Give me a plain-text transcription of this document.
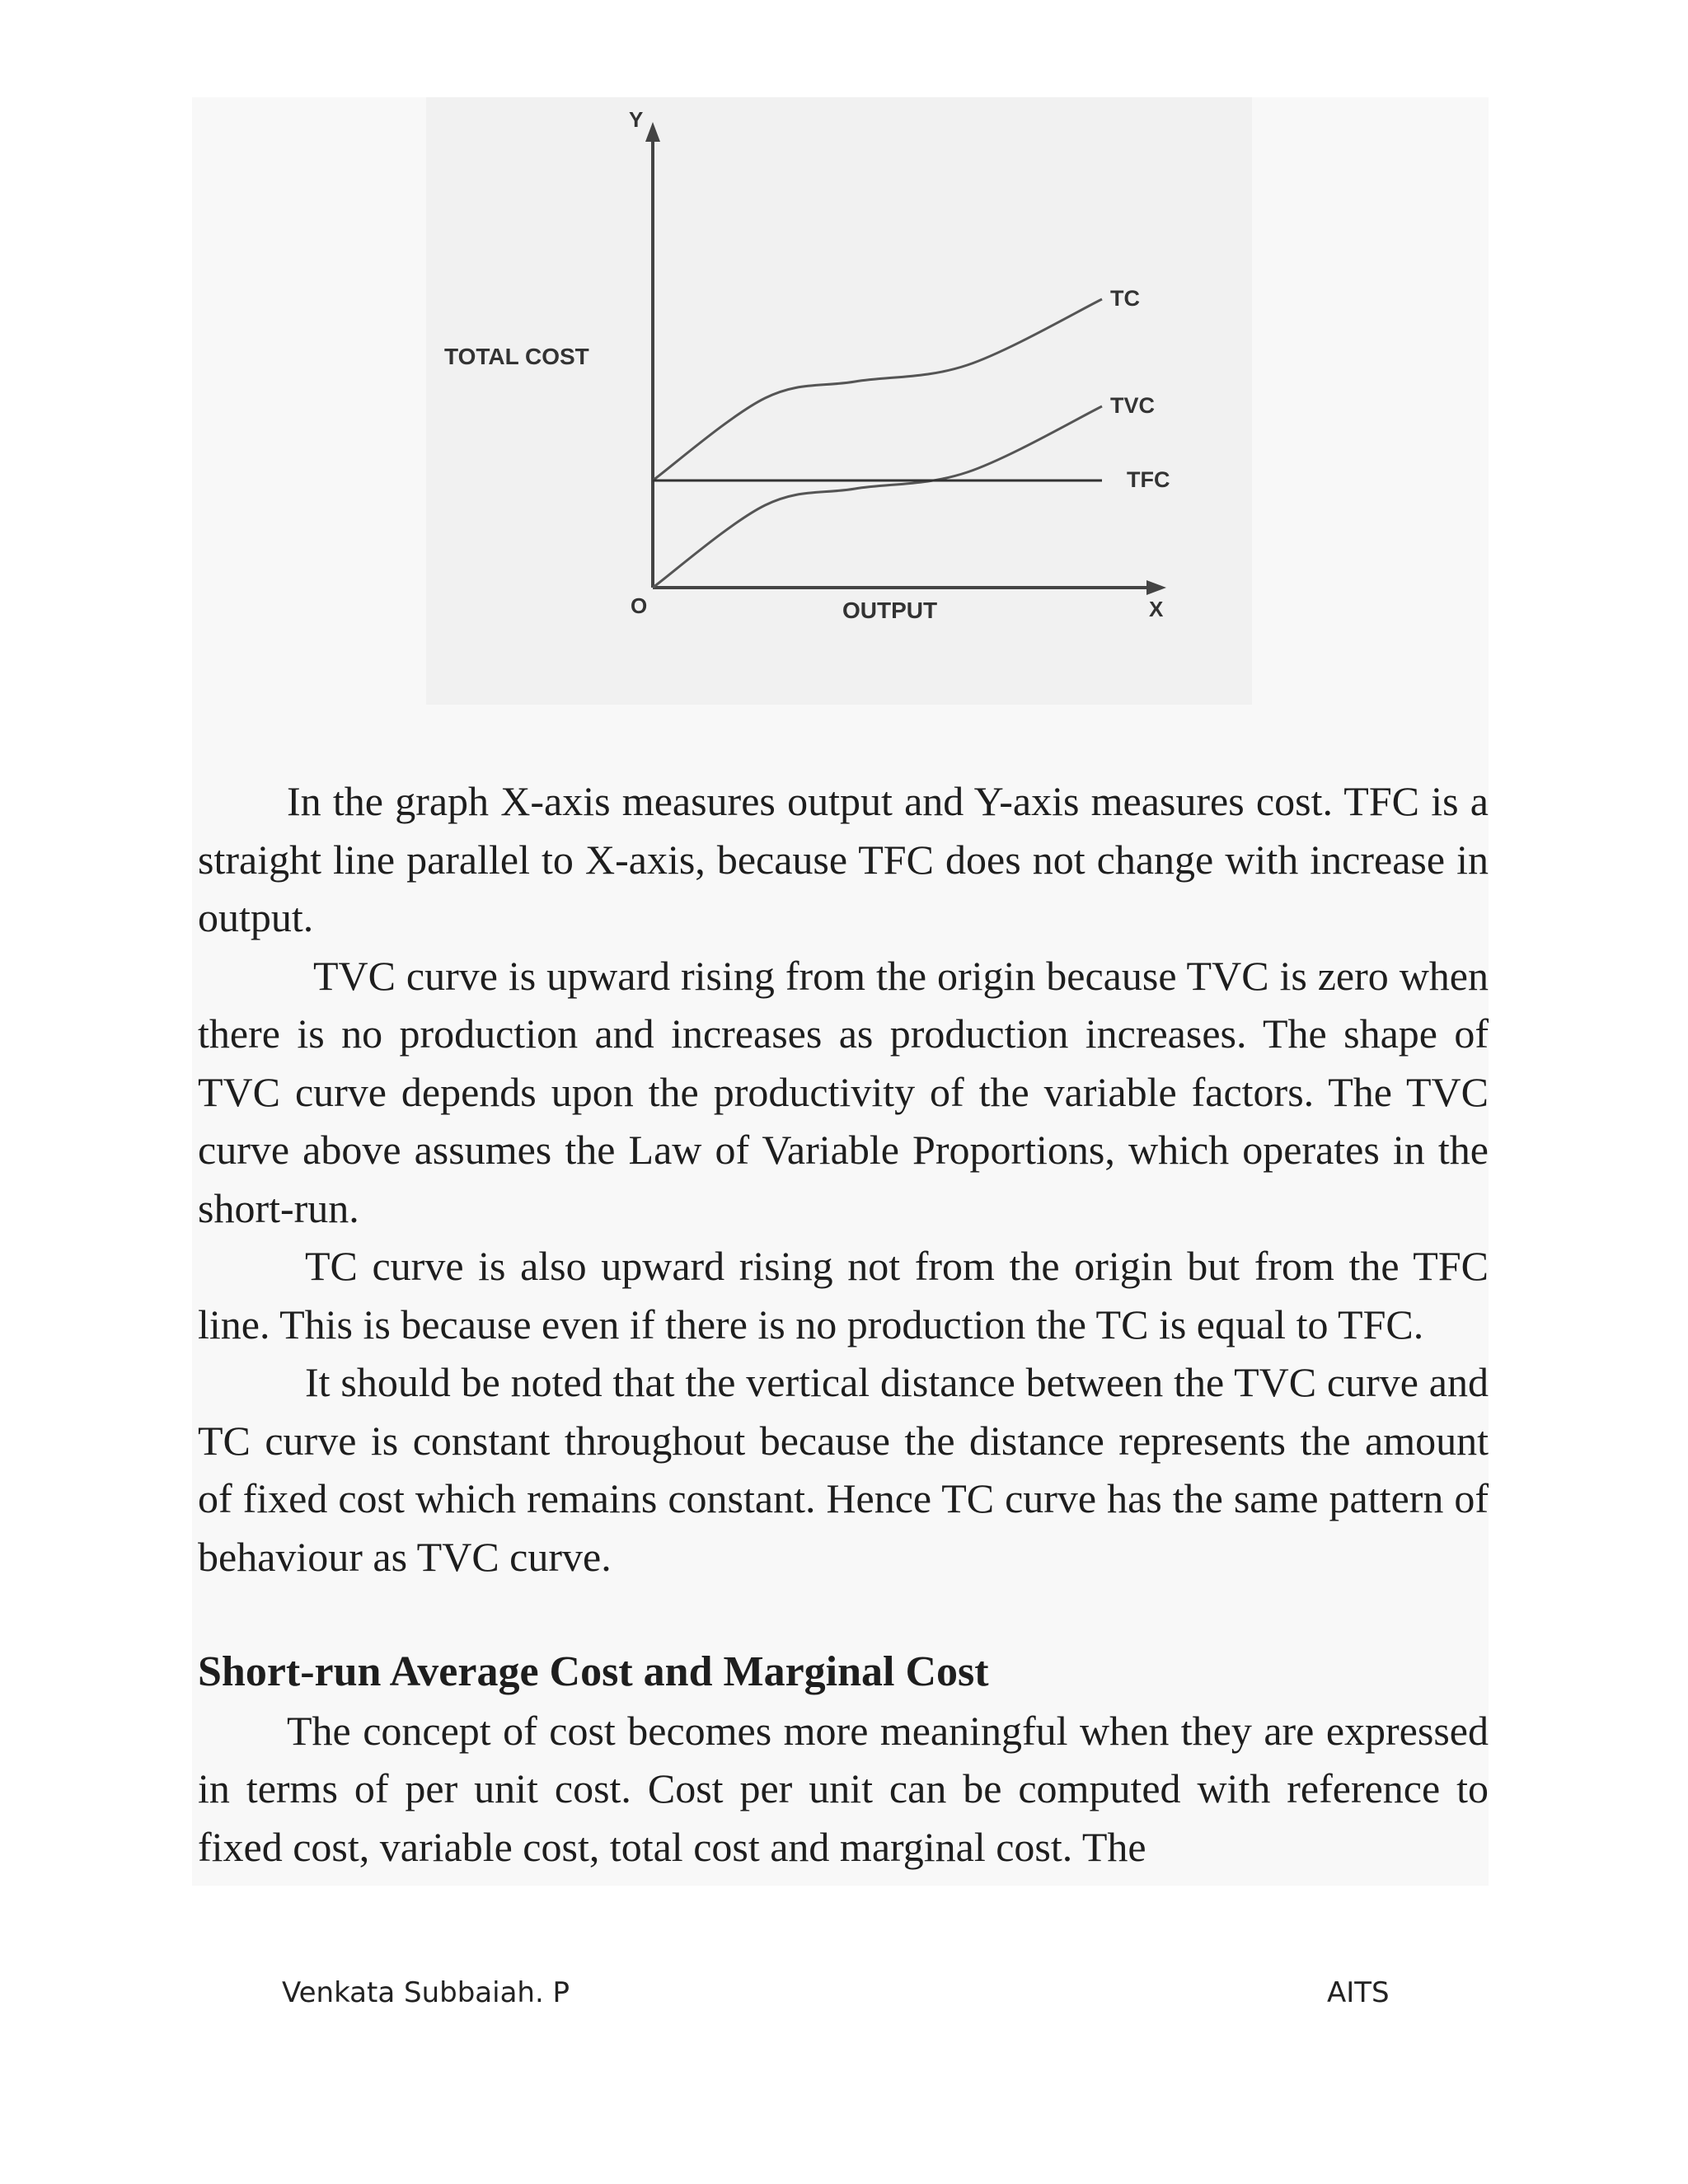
Y
TOTAL COST
O	OUTPUT	X
TC
TVC
TFC

In the graph X-axis measures output and Y-axis measures cost. TFC is a straight line parallel to X-axis, because TFC does not change with increase in output.

TVC curve is upward rising from the origin because TVC is zero when there is no production and increases as production increases. The shape of TVC curve depends upon the productivity of the variable factors. The TVC curve above assumes the Law of Variable Proportions, which operates in the short-run.

TC curve is also upward rising not from the origin but from the TFC line. This is because even if there is no production the TC is equal to TFC.

It should be noted that the vertical distance between the TVC curve and TC curve is constant throughout because the distance represents the amount of fixed cost which remains constant. Hence TC curve has the same pattern of behaviour as TVC curve.

Short-run Average Cost and Marginal Cost

The concept of cost becomes more meaningful when they are expressed in terms of per unit cost. Cost per unit can be computed with reference to fixed cost, variable cost, total cost and marginal cost. The

Venkata Subbaiah. P	AITS
